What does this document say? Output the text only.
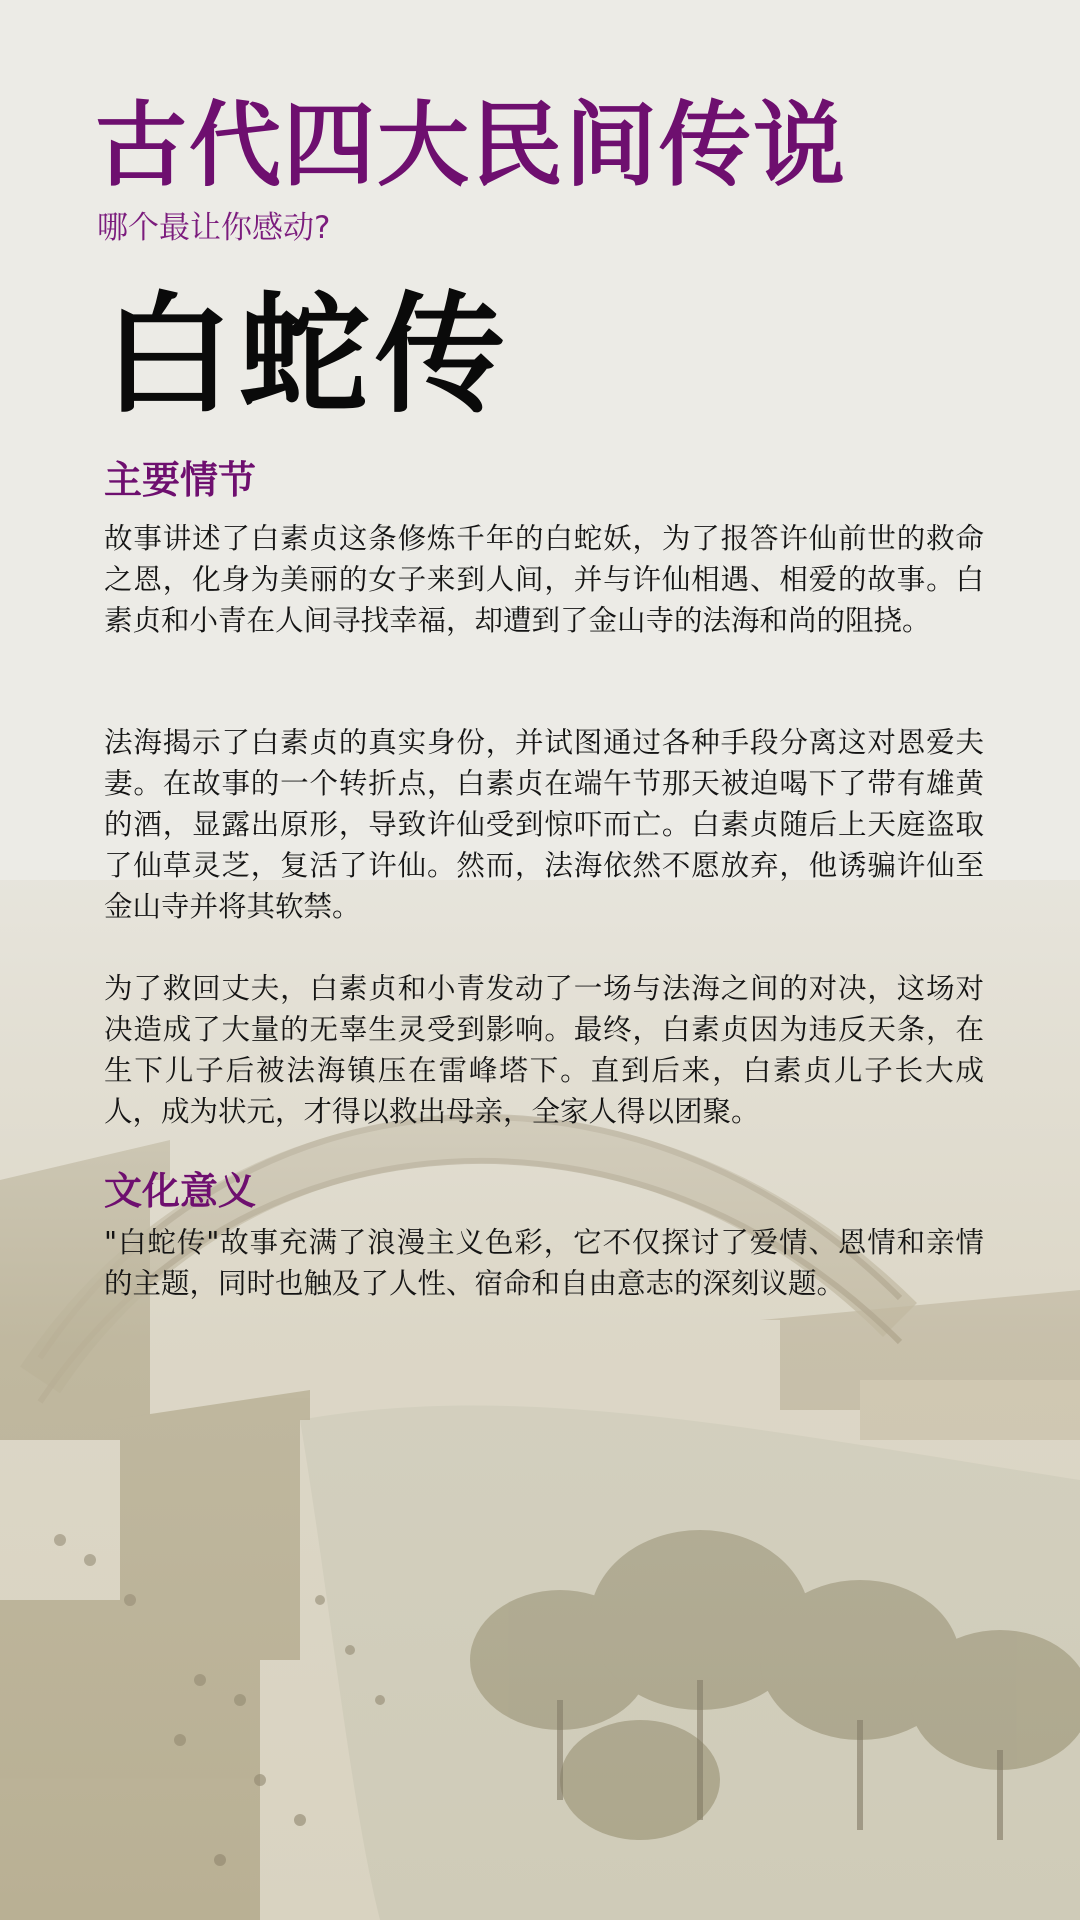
古代四大民间传说

哪个最让你感动?

白蛇传
主要情节

故事讲述了白素贞这条修炼千年的白蛇妖，为了报答许仙前世的救命之恩，化身为美丽的女子来到人间，并与许仙相遇、相爱的故事。白素贞和小青在人间寻找幸福，却遭到了金山寺的法海和尚的阻挠。

法海揭示了白素贞的真实身份，并试图通过各种手段分离这对恩爱夫妻。在故事的一个转折点，白素贞在端午节那天被迫喝下了带有雄黄的酒，显露出原形，导致许仙受到惊吓而亡。白素贞随后上天庭盗取了仙草灵芝，复活了许仙。然而，法海依然不愿放弃，他诱骗许仙至金山寺并将其软禁。

为了救回丈夫，白素贞和小青发动了一场与法海之间的对决，这场对决造成了大量的无辜生灵受到影响。最终，白素贞因为违反天条，在生下儿子后被法海镇压在雷峰塔下。直到后来，白素贞儿子长大成人，成为状元，才得以救出母亲，全家人得以团聚。

文化意义

"白蛇传"故事充满了浪漫主义色彩，它不仅探讨了爱情、恩情和亲情的主题，同时也触及了人性、宿命和自由意志的深刻议题。
